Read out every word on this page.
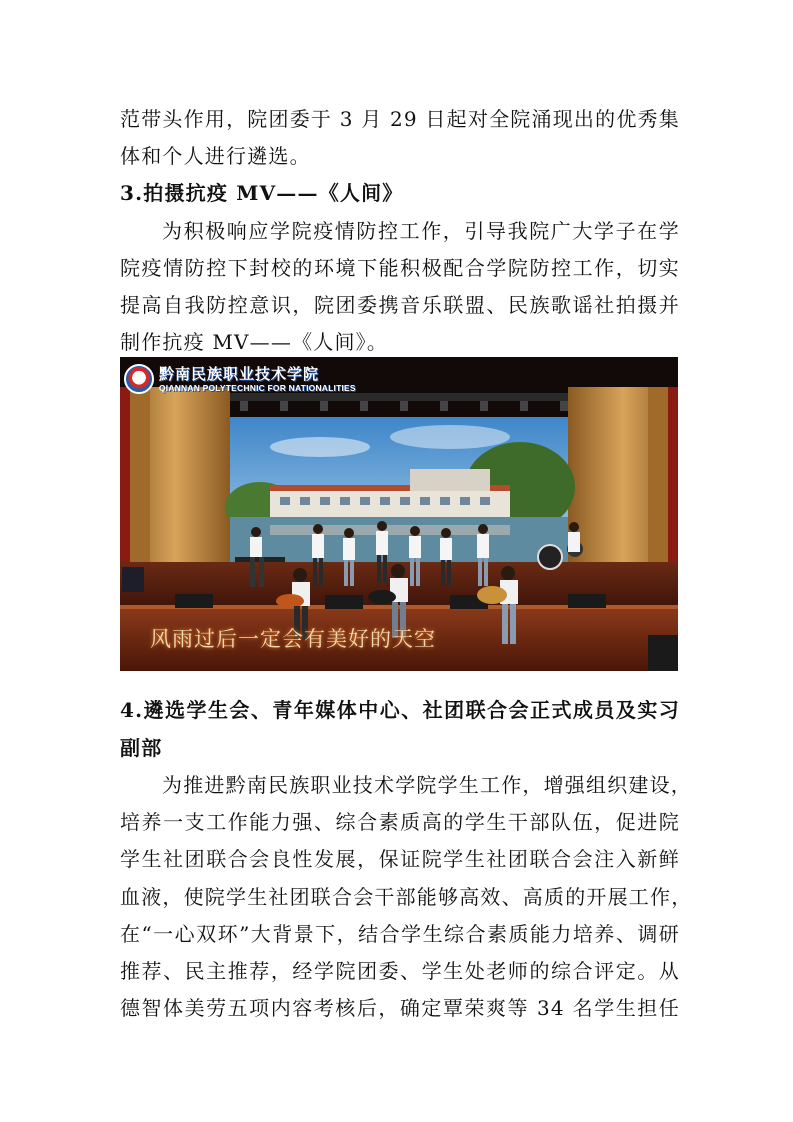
范带头作用，院团委于 3 月 29 日起对全院涌现出的优秀集
体和个人进行遴选。
3.拍摄抗疫 MV——《人间》
为积极响应学院疫情防控工作，引导我院广大学子在学
院疫情防控下封校的环境下能积极配合学院防控工作，切实
提高自我防控意识，院团委携音乐联盟、民族歌谣社拍摄并
制作抗疫 MV——《人间》。
黔南民族职业技术学院
QIANNAN POLYTECHNIC FOR NATIONALITIES
风雨过后一定会有美好的天空
4.遴选学生会、青年媒体中心、社团联合会正式成员及实习
副部
为推进黔南民族职业技术学院学生工作，增强组织建设，
培养一支工作能力强、综合素质高的学生干部队伍，促进院
学生社团联合会良性发展，保证院学生社团联合会注入新鲜
血液，使院学生社团联合会干部能够高效、高质的开展工作，
在“一心双环”大背景下，结合学生综合素质能力培养、调研
推荐、民主推荐，经学院团委、学生处老师的综合评定。从
德智体美劳五项内容考核后，确定覃荣爽等 34 名学生担任
